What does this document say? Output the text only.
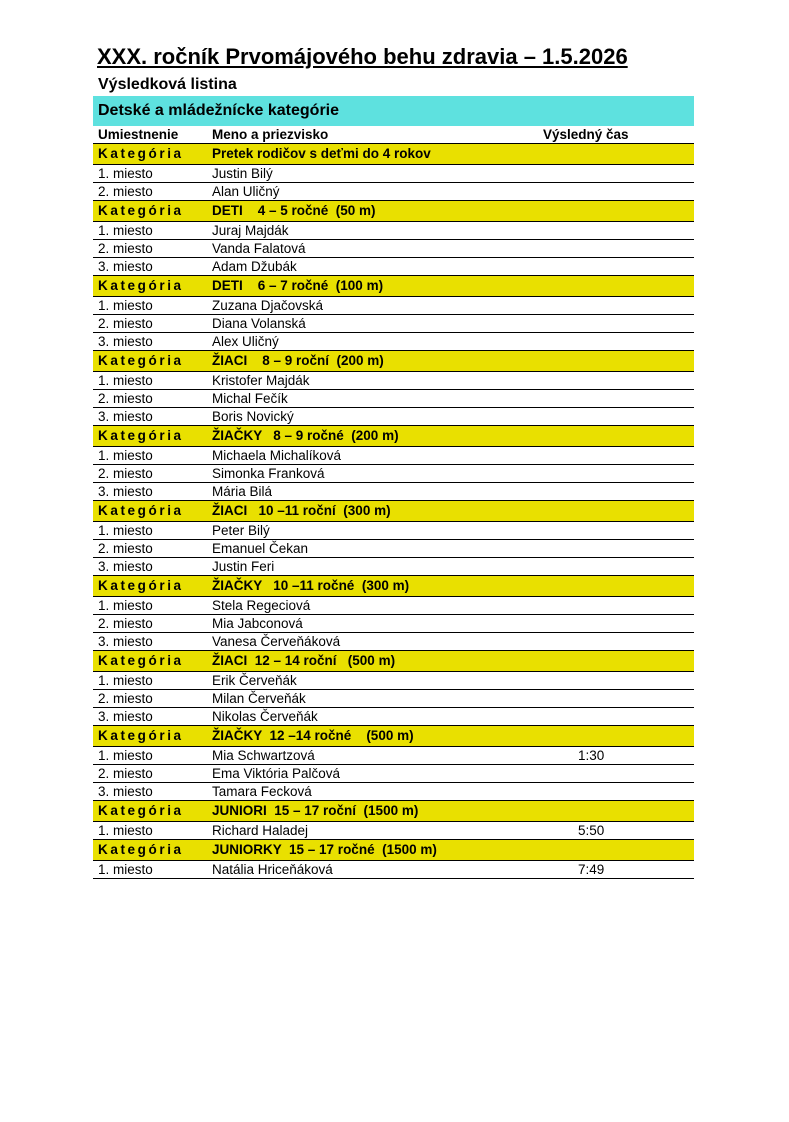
XXX. ročník Prvomájového behu zdravia – 1.5.2026
Výsledková listina
Detské a mládežnícke kategórie
Umiestnenie	Meno a priezvisko	Výsledný čas
Kategória	Pretek rodičov s deťmi do 4 rokov
1. miesto	Justin Bilý
2. miesto	Alan Uličný
Kategória	DETI    4 – 5 ročné  (50 m)
1. miesto	Juraj Majdák
2. miesto	Vanda Falatová
3. miesto	Adam Džubák
Kategória	DETI    6 – 7 ročné  (100 m)
1. miesto	Zuzana Djačovská
2. miesto	Diana Volanská
3. miesto	Alex Uličný
Kategória	ŽIACI    8 – 9 roční  (200 m)
1. miesto	Kristofer Majdák
2. miesto	Michal Fečík
3. miesto	Boris Novický
Kategória	ŽIAČKY   8 – 9 ročné  (200 m)
1. miesto	Michaela Michalíková
2. miesto	Simonka Franková
3. miesto	Mária Bilá
Kategória	ŽIACI   10 –11 roční  (300 m)
1. miesto	Peter Bilý
2. miesto	Emanuel Čekan
3. miesto	Justin Feri
Kategória	ŽIAČKY   10 –11 ročné  (300 m)
1. miesto	Stela Regeciová
2. miesto	Mia Jabconová
3. miesto	Vanesa Červeňáková
Kategória	ŽIACI  12 – 14 roční   (500 m)
1. miesto	Erik Červeňák
2. miesto	Milan Červeňák
3. miesto	Nikolas Červeňák
Kategória	ŽIAČKY  12 –14 ročné    (500 m)
1. miesto	Mia Schwartzová	1:30
2. miesto	Ema Viktória Palčová
3. miesto	Tamara Fecková
Kategória	JUNIORI  15 – 17 roční  (1500 m)
1. miesto	Richard Haladej	5:50
Kategória	JUNIORKY  15 – 17 ročné  (1500 m)
1. miesto	Natália Hriceňáková	7:49
